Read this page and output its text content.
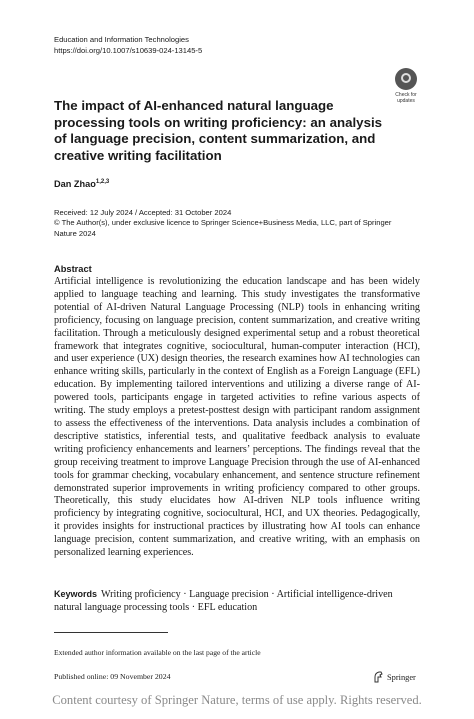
Education and Information Technologies
https://doi.org/10.1007/s10639-024-13145-5
Check for updates
The impact of AI-enhanced natural language processing tools on writing proficiency: an analysis of language precision, content summarization, and creative writing facilitation
Dan Zhao$^{1,2,3}$
Received: 12 July 2024 / Accepted: 31 October 2024
© The Author(s), under exclusive licence to Springer Science+Business Media, LLC, part of Springer Nature 2024
Abstract
Artificial intelligence is revolutionizing the education landscape and has been widely applied to language teaching and learning. This study investigates the transformative potential of AI-driven Natural Language Processing (NLP) tools in enhancing writing proficiency, focusing on language precision, content summarization, and creative writing facilitation. Through a meticulously designed experimental setup and a robust theoretical framework that integrates cognitive, sociocultural, human-computer interaction (HCI), and user experience (UX) design theories, the research examines how AI technologies can enhance writing skills, particularly in the context of English as a Foreign Language (EFL) education. By implementing tailored interventions and utilizing a diverse range of AI-powered tools, participants engage in targeted activities to refine various aspects of writing. The study employs a pretest-posttest design with participant random assignment to assess the effectiveness of the interventions. Data analysis includes a combination of descriptive statistics, inferential tests, and qualitative feedback analysis to evaluate writing proficiency enhancements and learners’ perceptions. The findings reveal that the group receiving treatment to improve Language Precision through the use of AI-enhanced tools for grammar checking, vocabulary enhancement, and sentence structure refinement demonstrated superior improvements in writing proficiency compared to other groups. Theoretically, this study elucidates how AI-driven NLP tools influence writing proficiency by integrating cognitive, sociocultural, HCI, and UX theories. Pedagogically, it provides insights for instructional practices by illustrating how AI tools can enhance language precision, content summarization, and creative writing, with an emphasis on personalized learning experiences.
Keywords Writing proficiency · Language precision · Artificial intelligence-driven natural language processing tools · EFL education
Extended author information available on the last page of the article
Published online: 09 November 2024	Springer
Content courtesy of Springer Nature, terms of use apply. Rights reserved.
